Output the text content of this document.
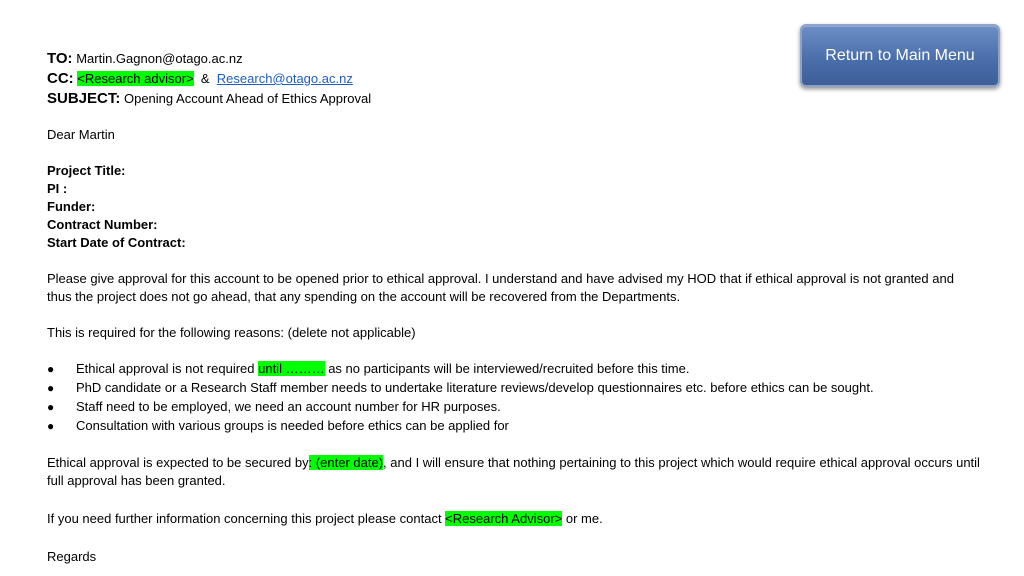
TO: Martin.Gagnon@otago.ac.nz
CC: <Research advisor> & Research@otago.ac.nz
SUBJECT: Opening Account Ahead of Ethics Approval
Dear Martin
Project Title:
PI :
Funder:
Contract Number:
Start Date of Contract:
Please give approval for this account to be opened prior to ethical approval. I understand and have advised my HOD that if ethical approval is not granted and thus the project does not go ahead, that any spending on the account will be recovered from the Departments.
This is required for the following reasons: (delete not applicable)
● Ethical approval is not required until ……… as no participants will be interviewed/recruited before this time.
● PhD candidate or a Research Staff member needs to undertake literature reviews/develop questionnaires etc. before ethics can be sought.
● Staff need to be employed, we need an account number for HR purposes.
● Consultation with various groups is needed before ethics can be applied for
Ethical approval is expected to be secured by: (enter date), and I will ensure that nothing pertaining to this project which would require ethical approval occurs until full approval has been granted.
If you need further information concerning this project please contact <Research Advisor> or me.
Regards
Return to Main Menu
